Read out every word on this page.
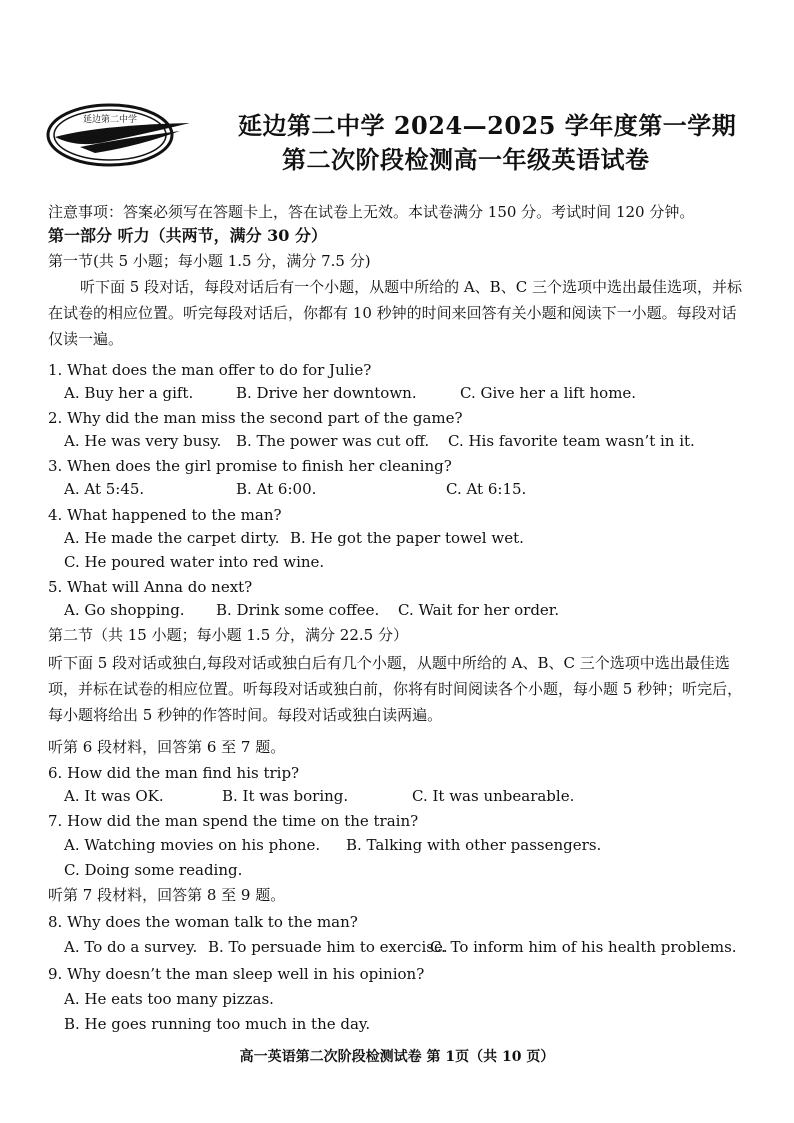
延边第二中学	延边第二中学 2024—2025 学年度第一学期
第二次阶段检测高一年级英语试卷
注意事项：答案必须写在答题卡上，答在试卷上无效。本试卷满分 150 分。考试时间 120 分钟。
第一部分 听力（共两节，满分 30 分）
第一节(共 5 小题；每小题 1.5 分，满分 7.5 分)
听下面 5 段对话，每段对话后有一个小题，从题中所给的 A、B、C 三个选项中选出最佳选项，并标在试卷的相应位置。听完每段对话后，你都有 10 秒钟的时间来回答有关小题和阅读下一小题。每段对话仅读一遍。
1. What does the man offer to do for Julie?
A. Buy her a gift.	B. Drive her downtown.	C. Give her a lift home.
2. Why did the man miss the second part of the game?
A. He was very busy. B. The power was cut off. C. His favorite team wasn’t in it.
3. When does the girl promise to finish her cleaning?
A. At 5:45.	B. At 6:00.	C. At 6:15.
4. What happened to the man?
A. He made the carpet dirty. B. He got the paper towel wet.
C. He poured water into red wine.
5. What will Anna do next?
A. Go shopping. B. Drink some coffee. C. Wait for her order.
第二节（共 15 小题；每小题 1.5 分，满分 22.5 分）
听下面 5 段对话或独白,每段对话或独白后有几个小题，从题中所给的 A、B、C 三个选项中选出最佳选项，并标在试卷的相应位置。听每段对话或独白前，你将有时间阅读各个小题，每小题 5 秒钟；听完后，每小题将给出 5 秒钟的作答时间。每段对话或独白读两遍。
听第 6 段材料，回答第 6 至 7 题。
6. How did the man find his trip?
A. It was OK.	B. It was boring.	C. It was unbearable.
7. How did the man spend the time on the train?
A. Watching movies on his phone. B. Talking with other passengers.
C. Doing some reading.
听第 7 段材料，回答第 8 至 9 题。
8. Why does the woman talk to the man?
A. To do a survey. B. To persuade him to exercise.
C. To inform him of his health problems.
9. Why doesn’t the man sleep well in his opinion?
A. He eats too many pizzas.
B. He goes running too much in the day.
高一英语第二次阶段检测试卷 第 1页（共 10 页）
